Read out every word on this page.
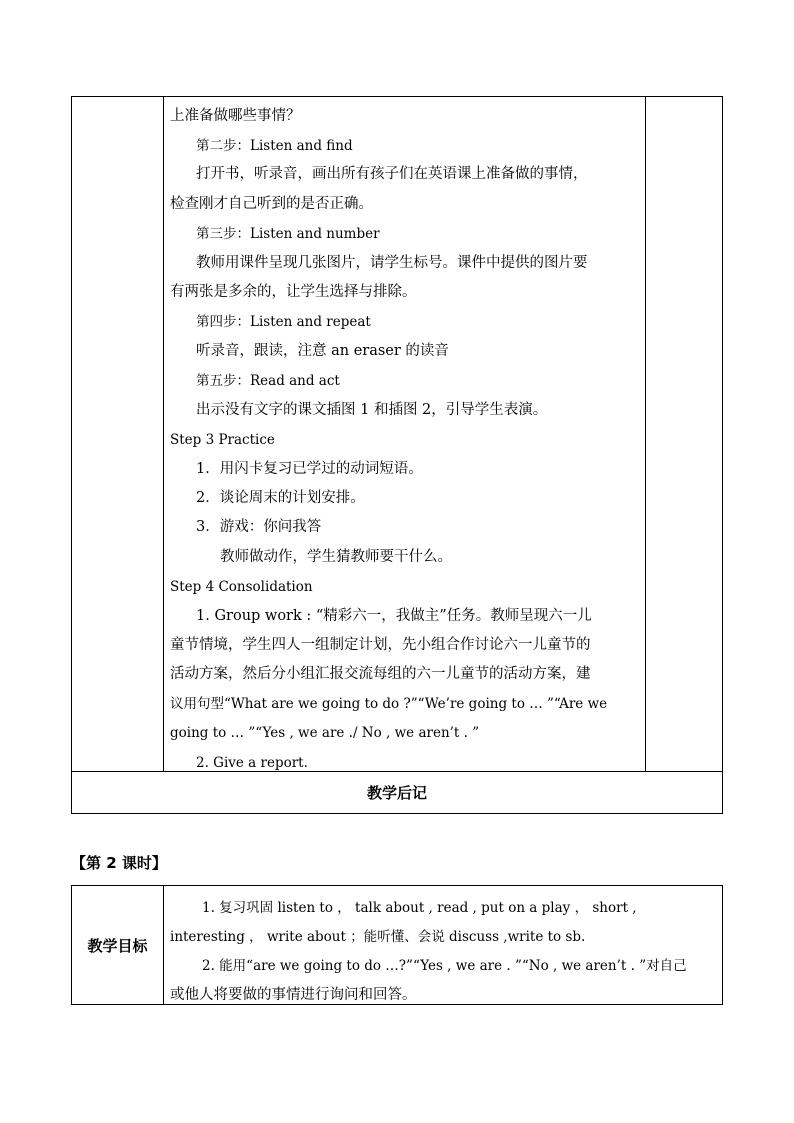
上准备做哪些事情？
第二步：Listen and find
打开书，听录音，画出所有孩子们在英语课上准备做的事情，
检查刚才自己听到的是否正确。
第三步：Listen and number
教师用课件呈现几张图片，请学生标号。课件中提供的图片要
有两张是多余的，让学生选择与排除。
第四步：Listen and repeat
听录音，跟读，注意 an eraser 的读音
第五步：Read and act
出示没有文字的课文插图 1 和插图 2，引导学生表演。
Step 3 Practice
1．用闪卡复习已学过的动词短语。
2．谈论周末的计划安排。
3．游戏：你问我答
教师做动作，学生猜教师要干什么。
Step 4 Consolidation
1. Group work : “精彩六一，我做主”任务。教师呈现六一儿
童节情境，学生四人一组制定计划，先小组合作讨论六一儿童节的
活动方案，然后分小组汇报交流每组的六一儿童节的活动方案，建
议用句型“What are we going to do ?”“We’re going to … ”“Are we
going to … ”“Yes , we are ./ No , we aren’t . ”
2. Give a report.
教学后记
【第 2 课时】
教学目标
1. 复习巩固 listen to ， talk about , read , put on a play ， short ,
interesting ， write about ；能听懂、会说 discuss ,write to sb.
2. 能用“are we going to do …?”“Yes , we are . ”“No , we aren’t . ”对自己
或他人将要做的事情进行询问和回答。
